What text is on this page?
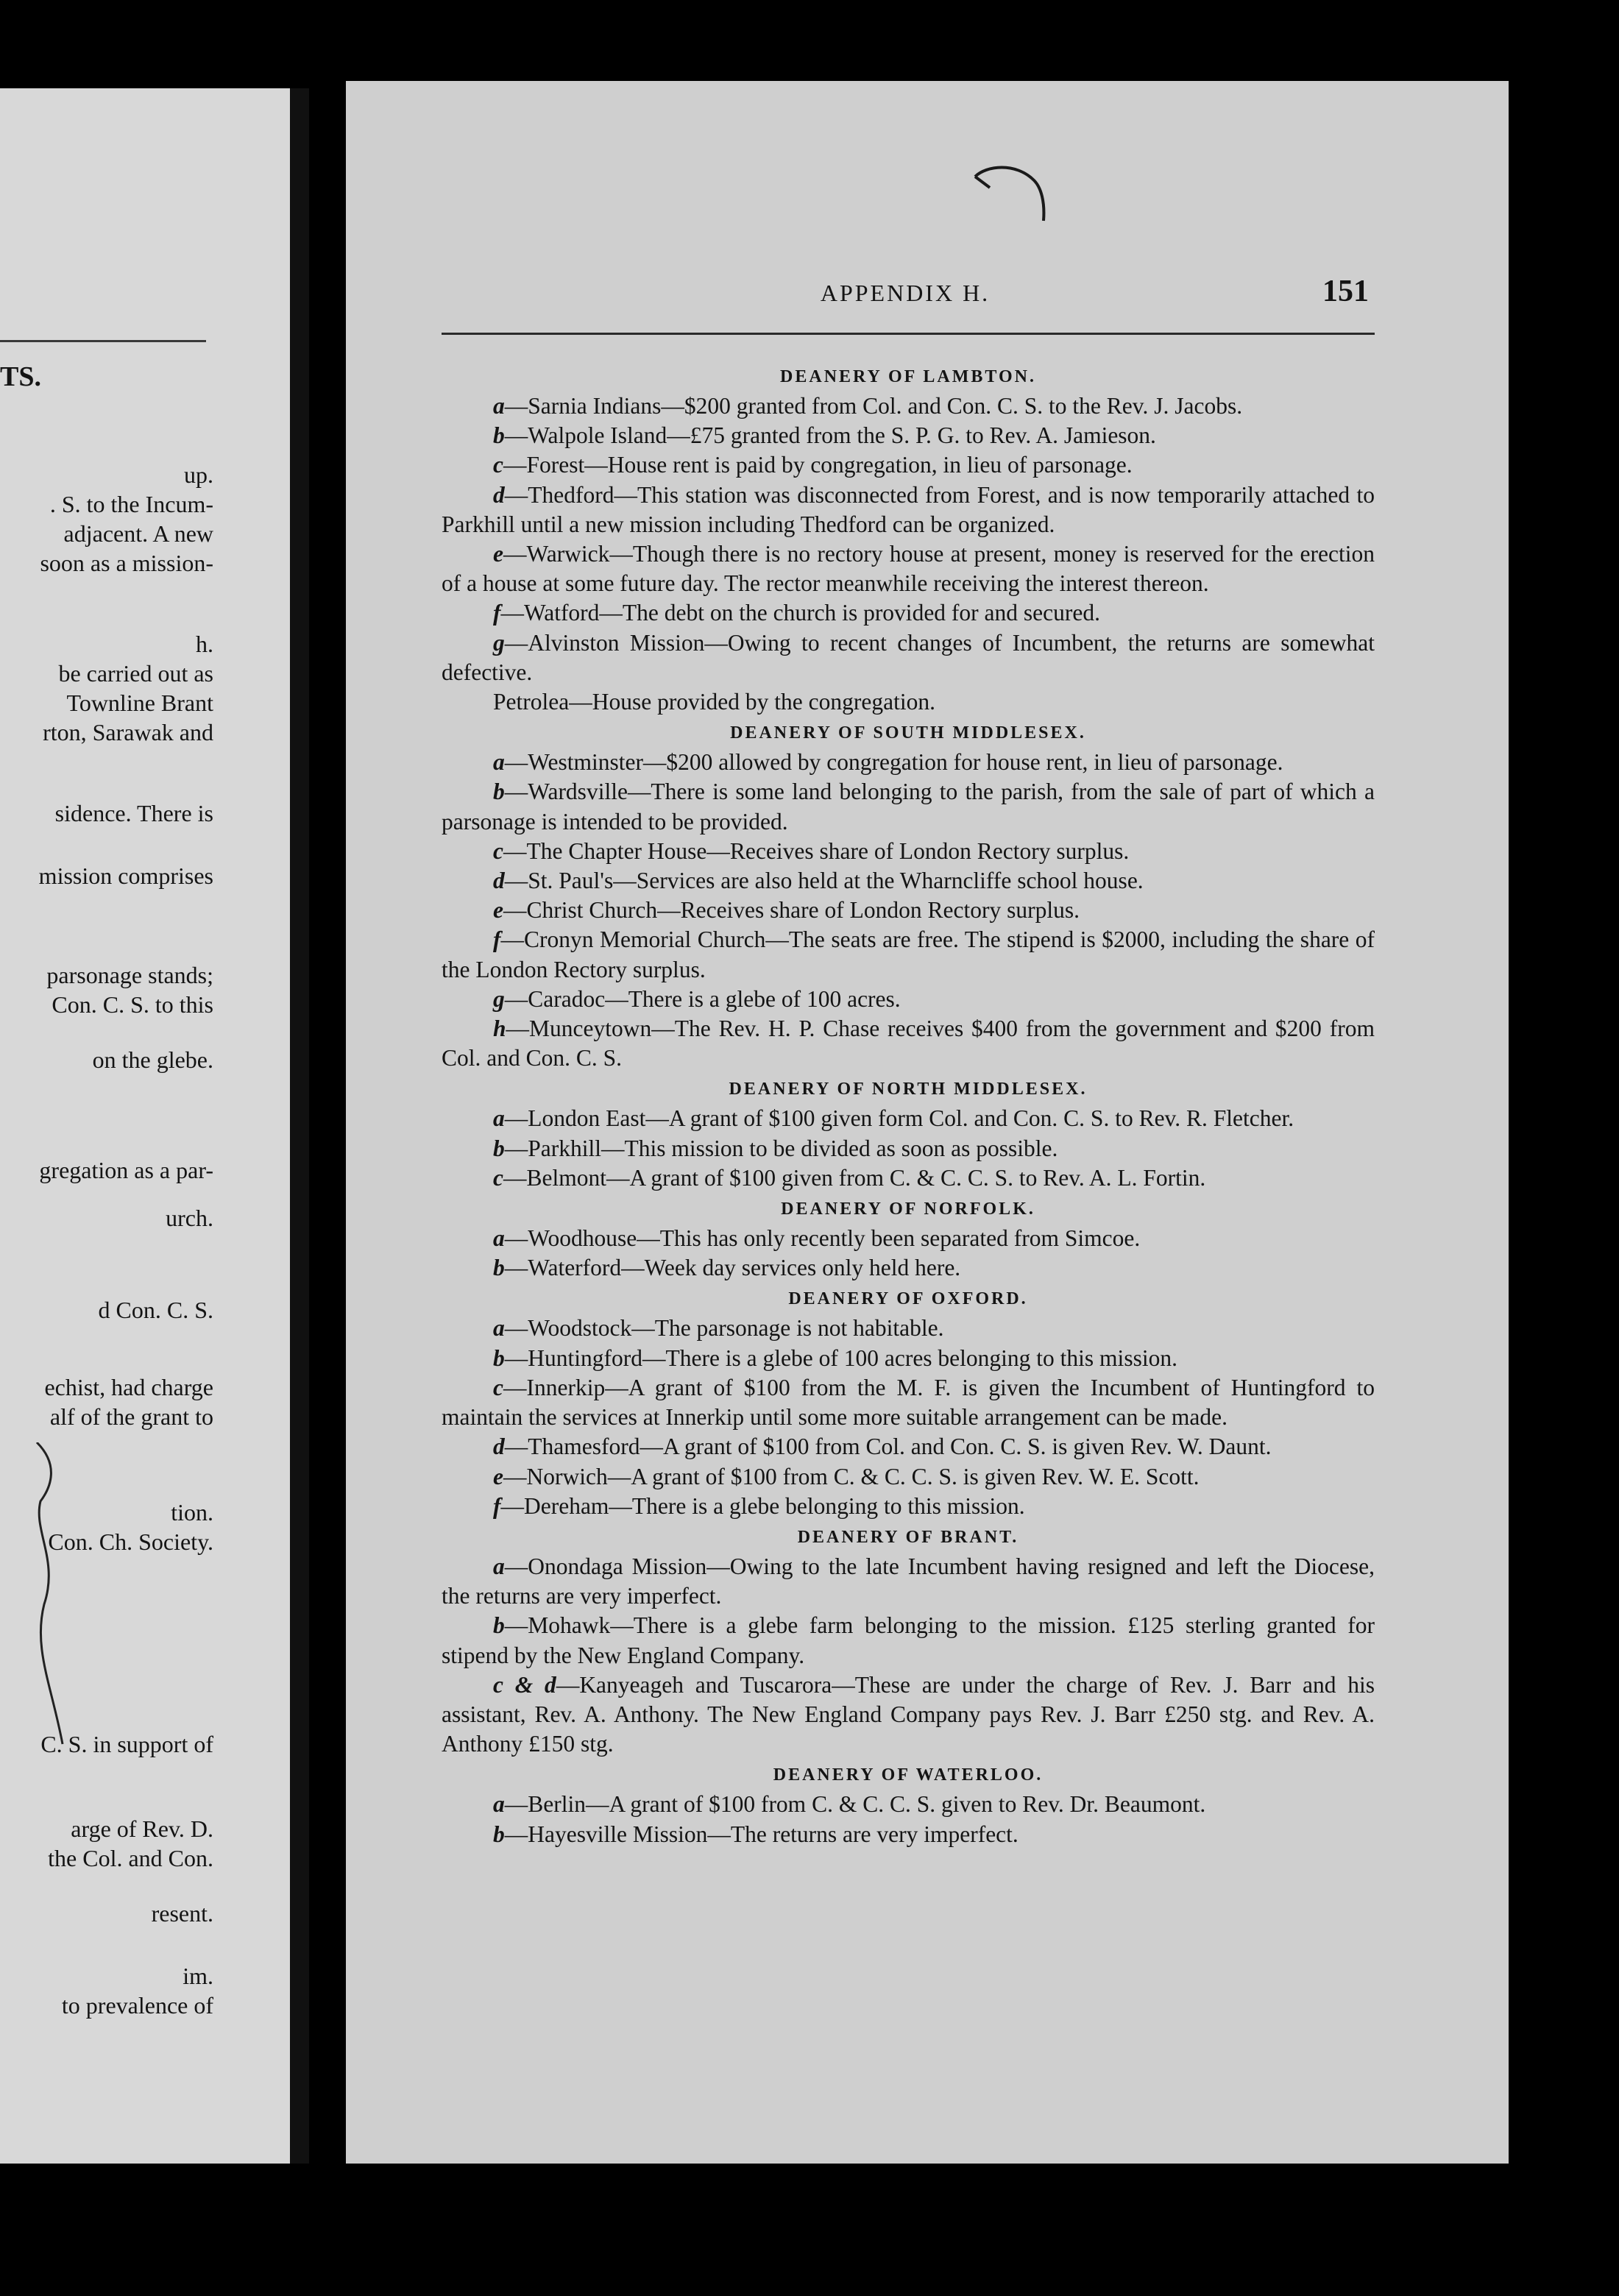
TS.
up.
. S. to the Incum-
adjacent. A new
soon as a mission-
h.
be carried out as
Townline Brant
rton, Sarawak and
sidence. There is
mission comprises
parsonage stands;
Con. C. S. to this
on the glebe.
gregation as a par-
urch.
d Con. C. S.
echist, had charge
alf of the grant to
tion.
Con. Ch. Society.
C. S. in support of
arge of Rev. D.
the Col. and Con.
resent.
im.
to prevalence of
APPENDIX H.	151
DEANERY OF LAMBTON.

a—Sarnia Indians—$200 granted from Col. and Con. C. S. to the Rev. J. Jacobs.

b—Walpole Island—£75 granted from the S. P. G. to Rev. A. Jamieson.

c—Forest—House rent is paid by congregation, in lieu of parsonage.

d—Thedford—This station was disconnected from Forest, and is now temporarily attached to Parkhill until a new mission including Thedford can be organized.

e—Warwick—Though there is no rectory house at present, money is reserved for the erection of a house at some future day. The rector meanwhile receiving the interest thereon.

f—Watford—The debt on the church is provided for and secured.

g—Alvinston Mission—Owing to recent changes of Incumbent, the returns are somewhat defective.

Petrolea—House provided by the congregation.

DEANERY OF SOUTH MIDDLESEX.

a—Westminster—$200 allowed by congregation for house rent, in lieu of parsonage.

b—Wardsville—There is some land belonging to the parish, from the sale of part of which a parsonage is intended to be provided.

c—The Chapter House—Receives share of London Rectory surplus.

d—St. Paul's—Services are also held at the Wharncliffe school house.

e—Christ Church—Receives share of London Rectory surplus.

f—Cronyn Memorial Church—The seats are free. The stipend is $2000, including the share of the London Rectory surplus.

g—Caradoc—There is a glebe of 100 acres.

h—Munceytown—The Rev. H. P. Chase receives $400 from the government and $200 from Col. and Con. C. S.

DEANERY OF NORTH MIDDLESEX.

a—London East—A grant of $100 given form Col. and Con. C. S. to Rev. R. Fletcher.

b—Parkhill—This mission to be divided as soon as possible.

c—Belmont—A grant of $100 given from C. & C. C. S. to Rev. A. L. Fortin.

DEANERY OF NORFOLK.

a—Woodhouse—This has only recently been separated from Simcoe.

b—Waterford—Week day services only held here.

DEANERY OF OXFORD.

a—Woodstock—The parsonage is not habitable.

b—Huntingford—There is a glebe of 100 acres belonging to this mission.

c—Innerkip—A grant of $100 from the M. F. is given the Incumbent of Huntingford to maintain the services at Innerkip until some more suitable arrangement can be made.

d—Thamesford—A grant of $100 from Col. and Con. C. S. is given Rev. W. Daunt.

e—Norwich—A grant of $100 from C. & C. C. S. is given Rev. W. E. Scott.

f—Dereham—There is a glebe belonging to this mission.

DEANERY OF BRANT.

a—Onondaga Mission—Owing to the late Incumbent having resigned and left the Diocese, the returns are very imperfect.

b—Mohawk—There is a glebe farm belonging to the mission. £125 sterling granted for stipend by the New England Company.

c & d—Kanyeageh and Tuscarora—These are under the charge of Rev. J. Barr and his assistant, Rev. A. Anthony. The New England Company pays Rev. J. Barr £250 stg. and Rev. A. Anthony £150 stg.

DEANERY OF WATERLOO.

a—Berlin—A grant of $100 from C. & C. C. S. given to Rev. Dr. Beaumont.

b—Hayesville Mission—The returns are very imperfect.
